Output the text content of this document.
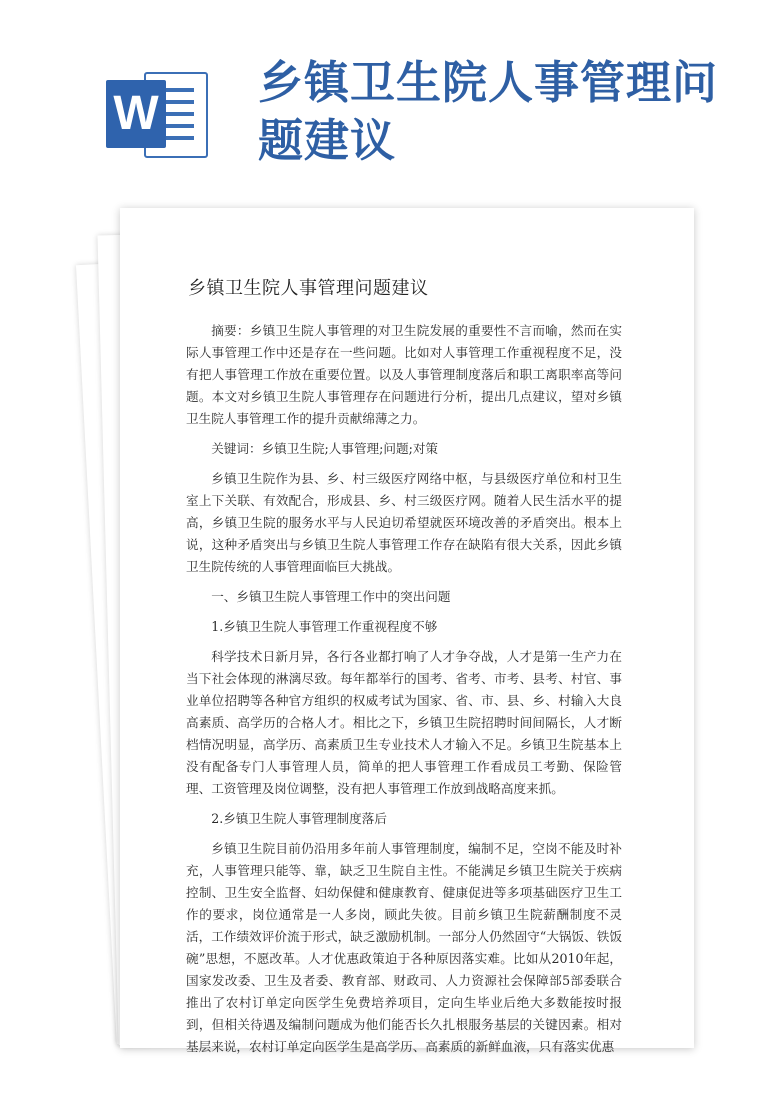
W
乡镇卫生院人事管理问题建议
乡镇卫生院人事管理问题建议

摘要：乡镇卫生院人事管理的对卫生院发展的重要性不言而喻，然而在实际人事管理工作中还是存在一些问题。比如对人事管理工作重视程度不足，没有把人事管理工作放在重要位置。以及人事管理制度落后和职工离职率高等问题。本文对乡镇卫生院人事管理存在问题进行分析，提出几点建议，望对乡镇卫生院人事管理工作的提升贡献绵薄之力。

关键词：乡镇卫生院;人事管理;问题;对策

乡镇卫生院作为县、乡、村三级医疗网络中枢，与县级医疗单位和村卫生室上下关联、有效配合，形成县、乡、村三级医疗网。随着人民生活水平的提高，乡镇卫生院的服务水平与人民迫切希望就医环境改善的矛盾突出。根本上说，这种矛盾突出与乡镇卫生院人事管理工作存在缺陷有很大关系，因此乡镇卫生院传统的人事管理面临巨大挑战。

一、乡镇卫生院人事管理工作中的突出问题

1.乡镇卫生院人事管理工作重视程度不够

科学技术日新月异，各行各业都打响了人才争夺战，人才是第一生产力在当下社会体现的淋漓尽致。每年都举行的国考、省考、市考、县考、村官、事业单位招聘等各种官方组织的权威考试为国家、省、市、县、乡、村输入大良高素质、高学历的合格人才。相比之下，乡镇卫生院招聘时间间隔长，人才断档情况明显，高学历、高素质卫生专业技术人才输入不足。乡镇卫生院基本上没有配备专门人事管理人员，简单的把人事管理工作看成员工考勤、保险管理、工资管理及岗位调整，没有把人事管理工作放到战略高度来抓。

2.乡镇卫生院人事管理制度落后

乡镇卫生院目前仍沿用多年前人事管理制度，编制不足，空岗不能及时补充，人事管理只能等、靠，缺乏卫生院自主性。不能满足乡镇卫生院关于疾病控制、卫生安全监督、妇幼保健和健康教育、健康促进等多项基础医疗卫生工作的要求，岗位通常是一人多岗，顾此失彼。目前乡镇卫生院薪酬制度不灵活，工作绩效评价流于形式，缺乏激励机制。一部分人仍然固守“大锅饭、铁饭碗”思想，不愿改革。人才优惠政策迫于各种原因落实难。比如从2010年起，国家发改委、卫生及者委、教育部、财政司、人力资源社会保障部5部委联合推出了农村订单定向医学生免费培养项目，定向生毕业后绝大多数能按时报到，但相关待遇及编制问题成为他们能否长久扎根服务基层的关键因素。相对基层来说，农村订单定向医学生是高学历、高素质的新鲜血液，只有落实优惠
